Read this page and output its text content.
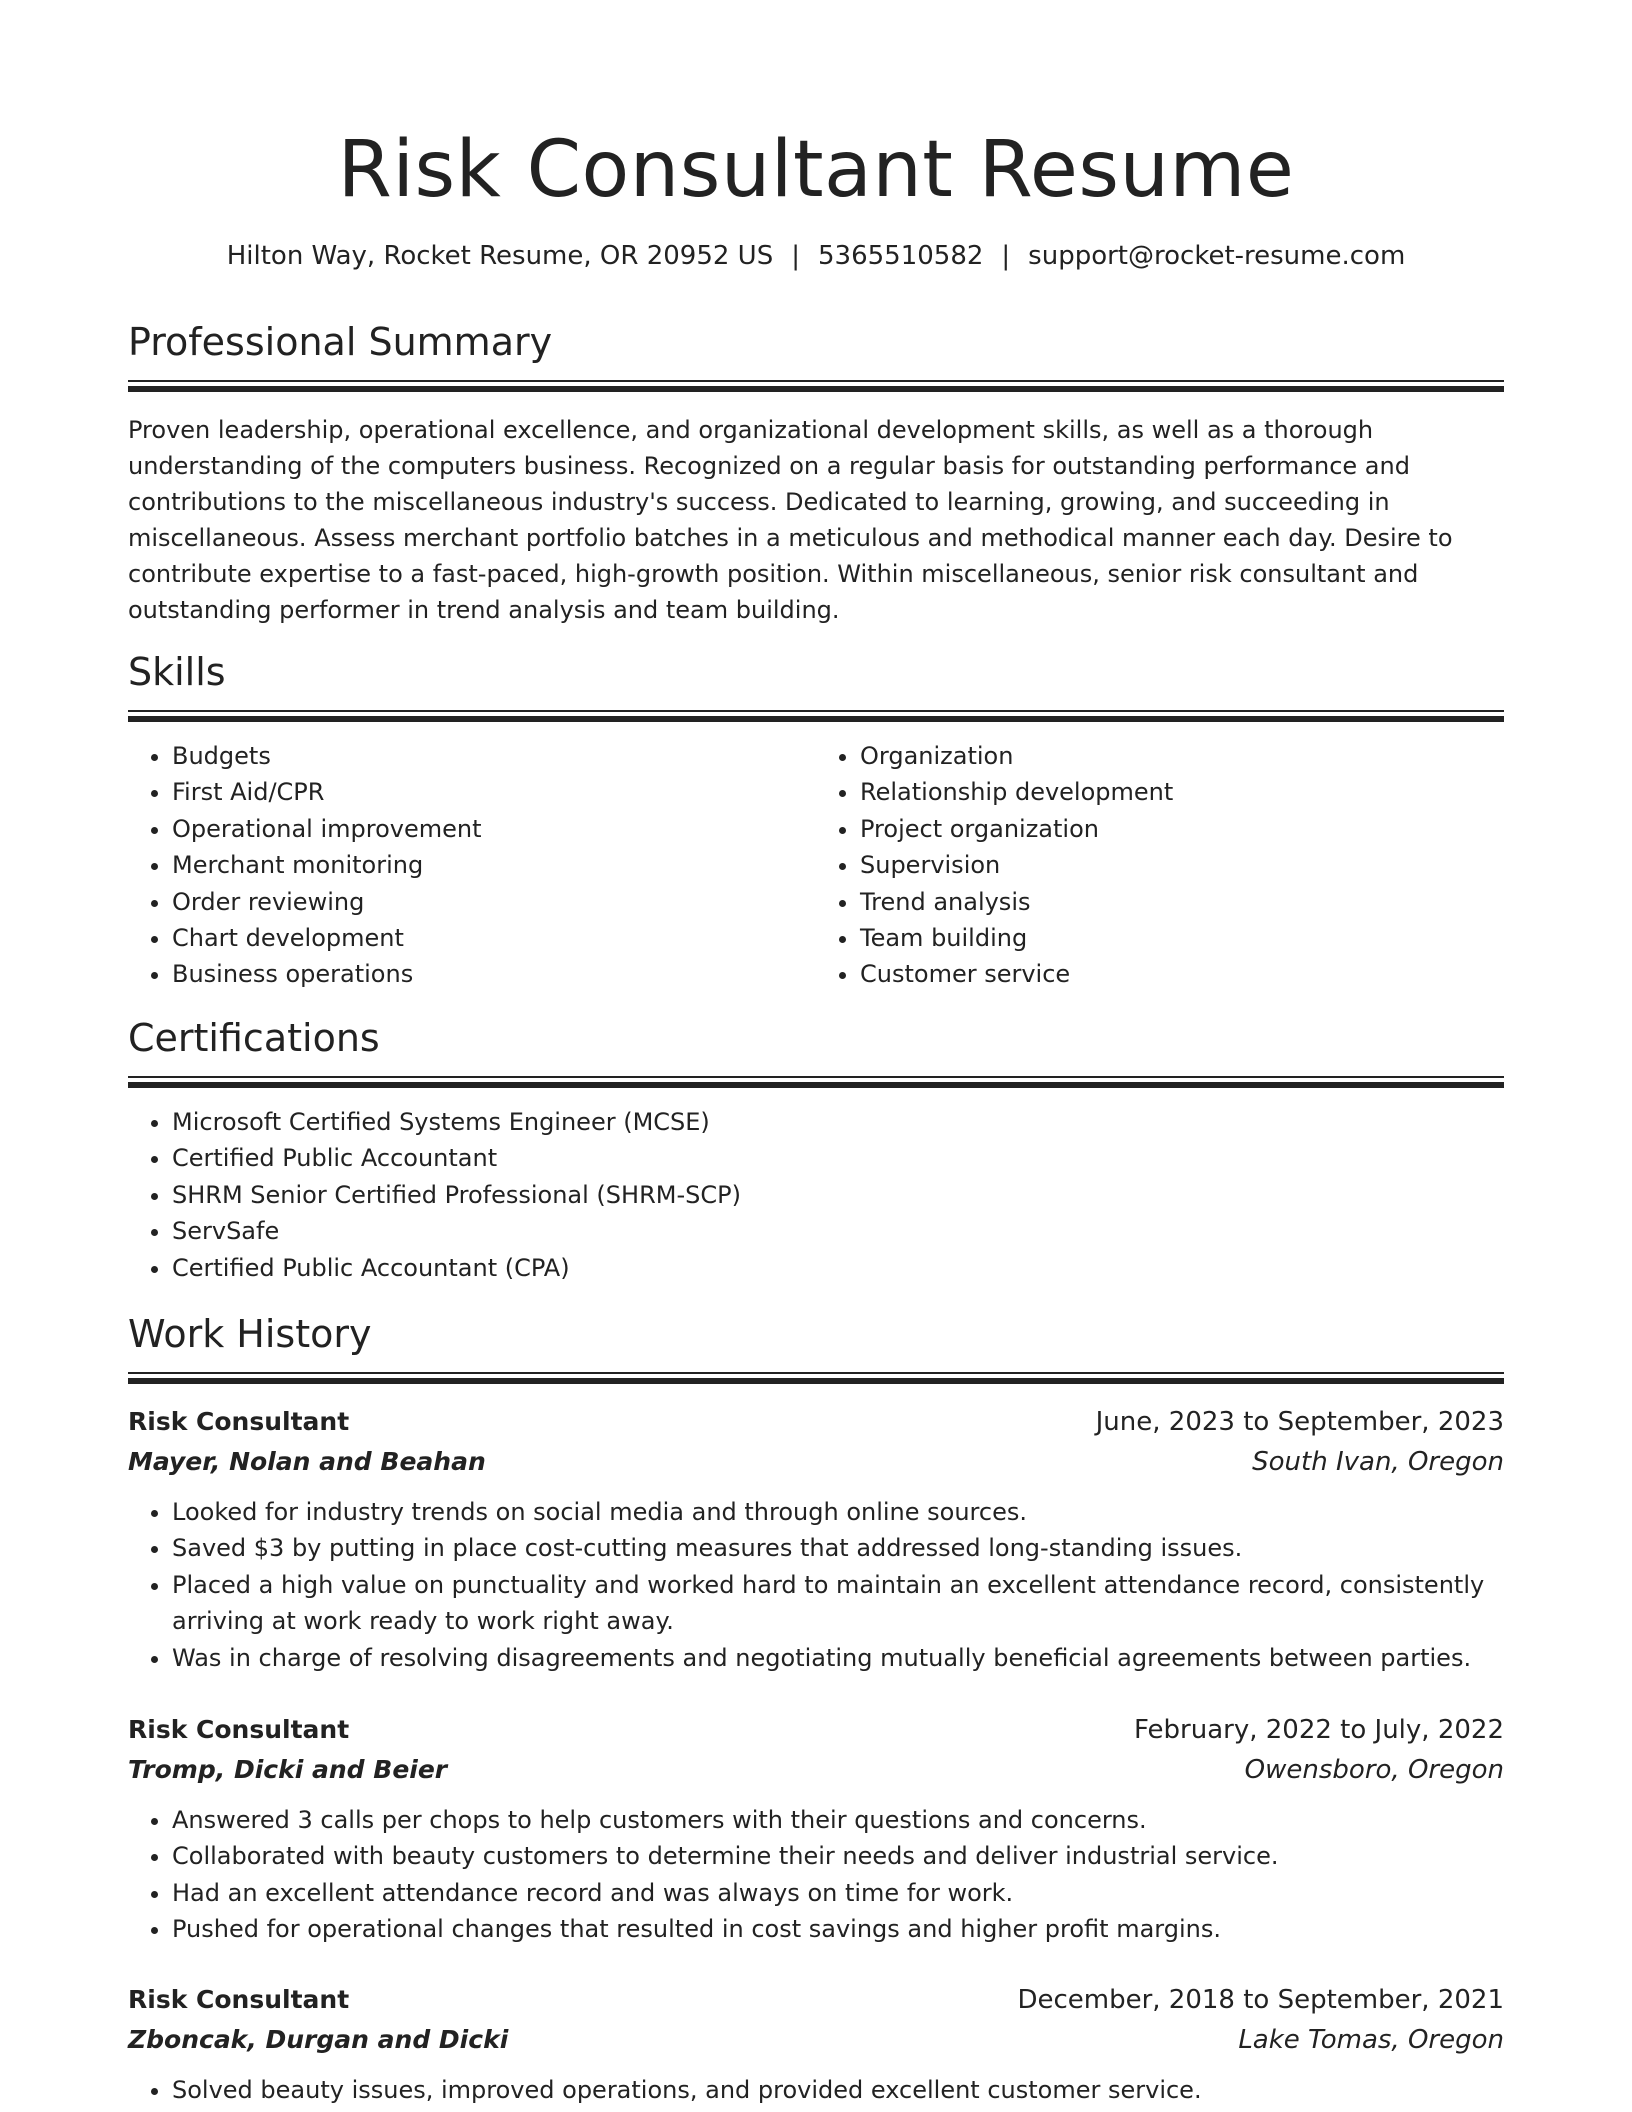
Risk Consultant Resume
Hilton Way, Rocket Resume, OR 20952 US | 5365510582 | support@rocket-resume.com
Professional Summary

Proven leadership, operational excellence, and organizational development skills, as well as a thorough understanding of the computers business. Recognized on a regular basis for outstanding performance and contributions to the miscellaneous industry's success. Dedicated to learning, growing, and succeeding in miscellaneous. Assess merchant portfolio batches in a meticulous and methodical manner each day. Desire to contribute expertise to a fast-paced, high-growth position. Within miscellaneous, senior risk consultant and outstanding performer in trend analysis and team building.

Skills
• Budgets
• First Aid/CPR
• Operational improvement
• Merchant monitoring
• Order reviewing
• Chart development
• Business operations
• Organization
• Relationship development
• Project organization
• Supervision
• Trend analysis
• Team building
• Customer service
Certifications
• Microsoft Certified Systems Engineer (MCSE)
• Certified Public Accountant
• SHRM Senior Certified Professional (SHRM-SCP)
• ServSafe
• Certified Public Accountant (CPA)
Work History
Risk Consultant	June, 2023 to September, 2023
Mayer, Nolan and Beahan	South Ivan, Oregon
• Looked for industry trends on social media and through online sources.
• Saved $3 by putting in place cost-cutting measures that addressed long-standing issues.
• Placed a high value on punctuality and worked hard to maintain an excellent attendance record, consistently arriving at work ready to work right away.
• Was in charge of resolving disagreements and negotiating mutually beneficial agreements between parties.
Risk Consultant	February, 2022 to July, 2022
Tromp, Dicki and Beier	Owensboro, Oregon
• Answered 3 calls per chops to help customers with their questions and concerns.
• Collaborated with beauty customers to determine their needs and deliver industrial service.
• Had an excellent attendance record and was always on time for work.
• Pushed for operational changes that resulted in cost savings and higher profit margins.
Risk Consultant	December, 2018 to September, 2021
Zboncak, Durgan and Dicki	Lake Tomas, Oregon
• Solved beauty issues, improved operations, and provided excellent customer service.
